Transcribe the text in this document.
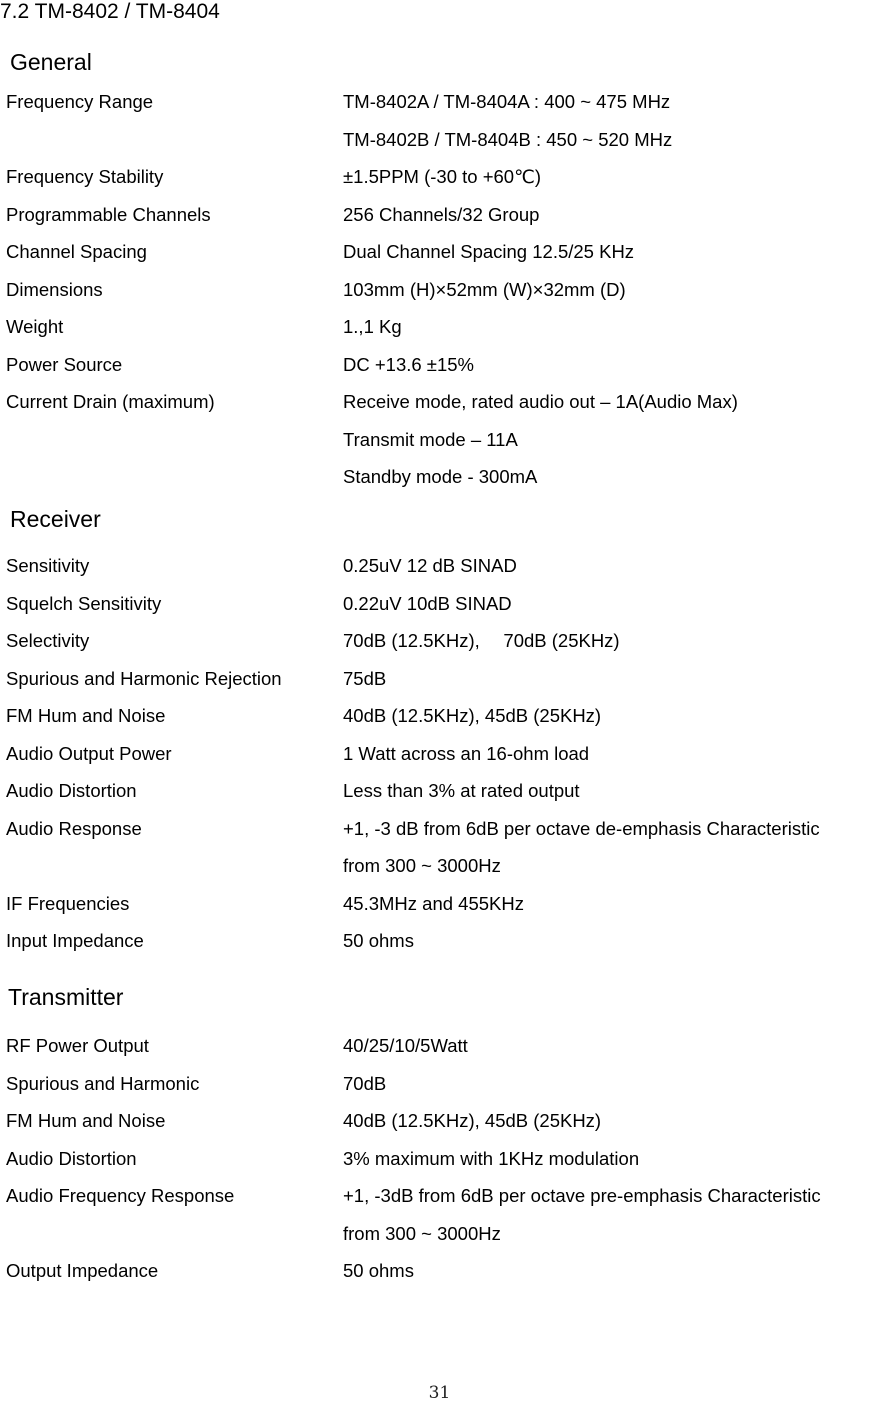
7.2 TM-8402 / TM-8404
General
Frequency Range	TM-8402A / TM-8404A : 400 ~ 475 MHz
TM-8402B / TM-8404B : 450 ~ 520 MHz
Frequency Stability	±1.5PPM (-30 to +60℃)
Programmable Channels	256 Channels/32 Group
Channel Spacing	Dual Channel Spacing 12.5/25 KHz
Dimensions	103mm (H)×52mm (W)×32mm (D)
Weight	1.,1 Kg
Power Source	DC +13.6 ±15%
Current Drain (maximum)	Receive mode, rated audio out – 1A(Audio Max)
Transmit mode – 11A
Standby mode - 300mA
Receiver
Sensitivity	0.25uV 12 dB SINAD
Squelch Sensitivity	0.22uV 10dB SINAD
Selectivity	70dB (12.5KHz),　 70dB (25KHz)
Spurious and Harmonic Rejection	75dB
FM Hum and Noise	40dB (12.5KHz), 45dB (25KHz)
Audio Output Power	1 Watt across an 16-ohm load
Audio Distortion	Less than 3% at rated output
Audio Response	+1, -3 dB from 6dB per octave de-emphasis Characteristic
from 300 ~ 3000Hz
IF Frequencies	45.3MHz and 455KHz
Input Impedance	50 ohms
Transmitter
RF Power Output	40/25/10/5Watt
Spurious and Harmonic	70dB
FM Hum and Noise	40dB (12.5KHz), 45dB (25KHz)
Audio Distortion	3% maximum with 1KHz modulation
Audio Frequency Response	+1, -3dB from 6dB per octave pre-emphasis Characteristic
from 300 ~ 3000Hz
Output Impedance	50 ohms
31
